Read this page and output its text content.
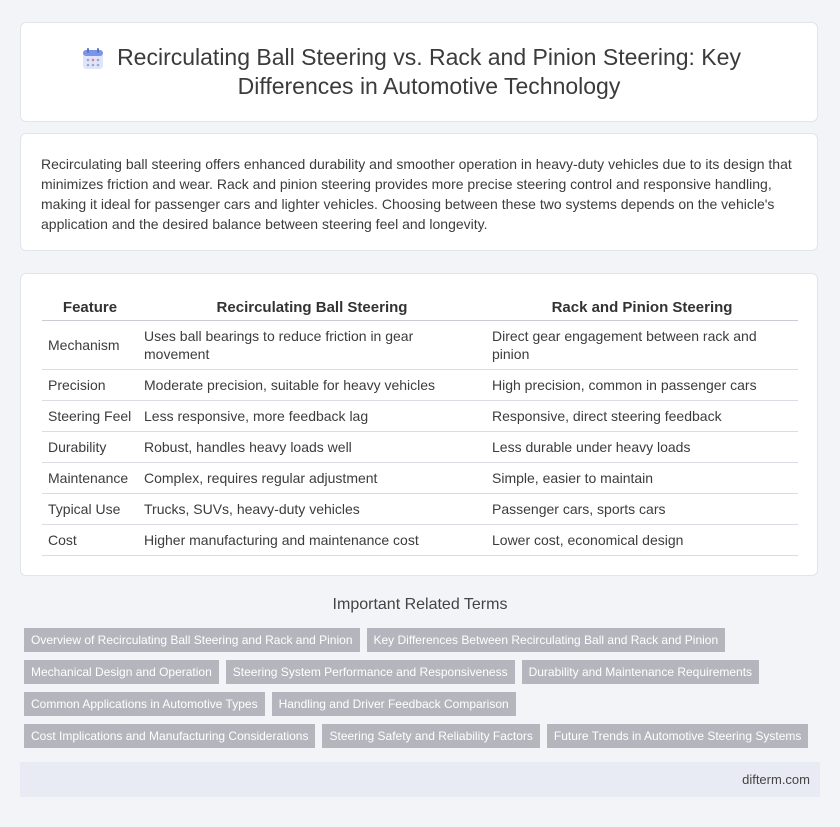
Recirculating Ball Steering vs. Rack and Pinion Steering: Key Differences in Automotive Technology
Recirculating ball steering offers enhanced durability and smoother operation in heavy-duty vehicles due to its design that minimizes friction and wear. Rack and pinion steering provides more precise steering control and responsive handling, making it ideal for passenger cars and lighter vehicles. Choosing between these two systems depends on the vehicle's application and the desired balance between steering feel and longevity.
Feature	Recirculating Ball Steering	Rack and Pinion Steering
Mechanism	Uses ball bearings to reduce friction in gear movement	Direct gear engagement between rack and pinion
Precision	Moderate precision, suitable for heavy vehicles	High precision, common in passenger cars
Steering Feel	Less responsive, more feedback lag	Responsive, direct steering feedback
Durability	Robust, handles heavy loads well	Less durable under heavy loads
Maintenance	Complex, requires regular adjustment	Simple, easier to maintain
Typical Use	Trucks, SUVs, heavy-duty vehicles	Passenger cars, sports cars
Cost	Higher manufacturing and maintenance cost	Lower cost, economical design
Important Related Terms
Overview of Recirculating Ball Steering and Rack and Pinion	Key Differences Between Recirculating Ball and Rack and Pinion
Mechanical Design and Operation	Steering System Performance and Responsiveness	Durability and Maintenance Requirements
Common Applications in Automotive Types	Handling and Driver Feedback Comparison
Cost Implications and Manufacturing Considerations	Steering Safety and Reliability Factors	Future Trends in Automotive Steering Systems
difterm.com
